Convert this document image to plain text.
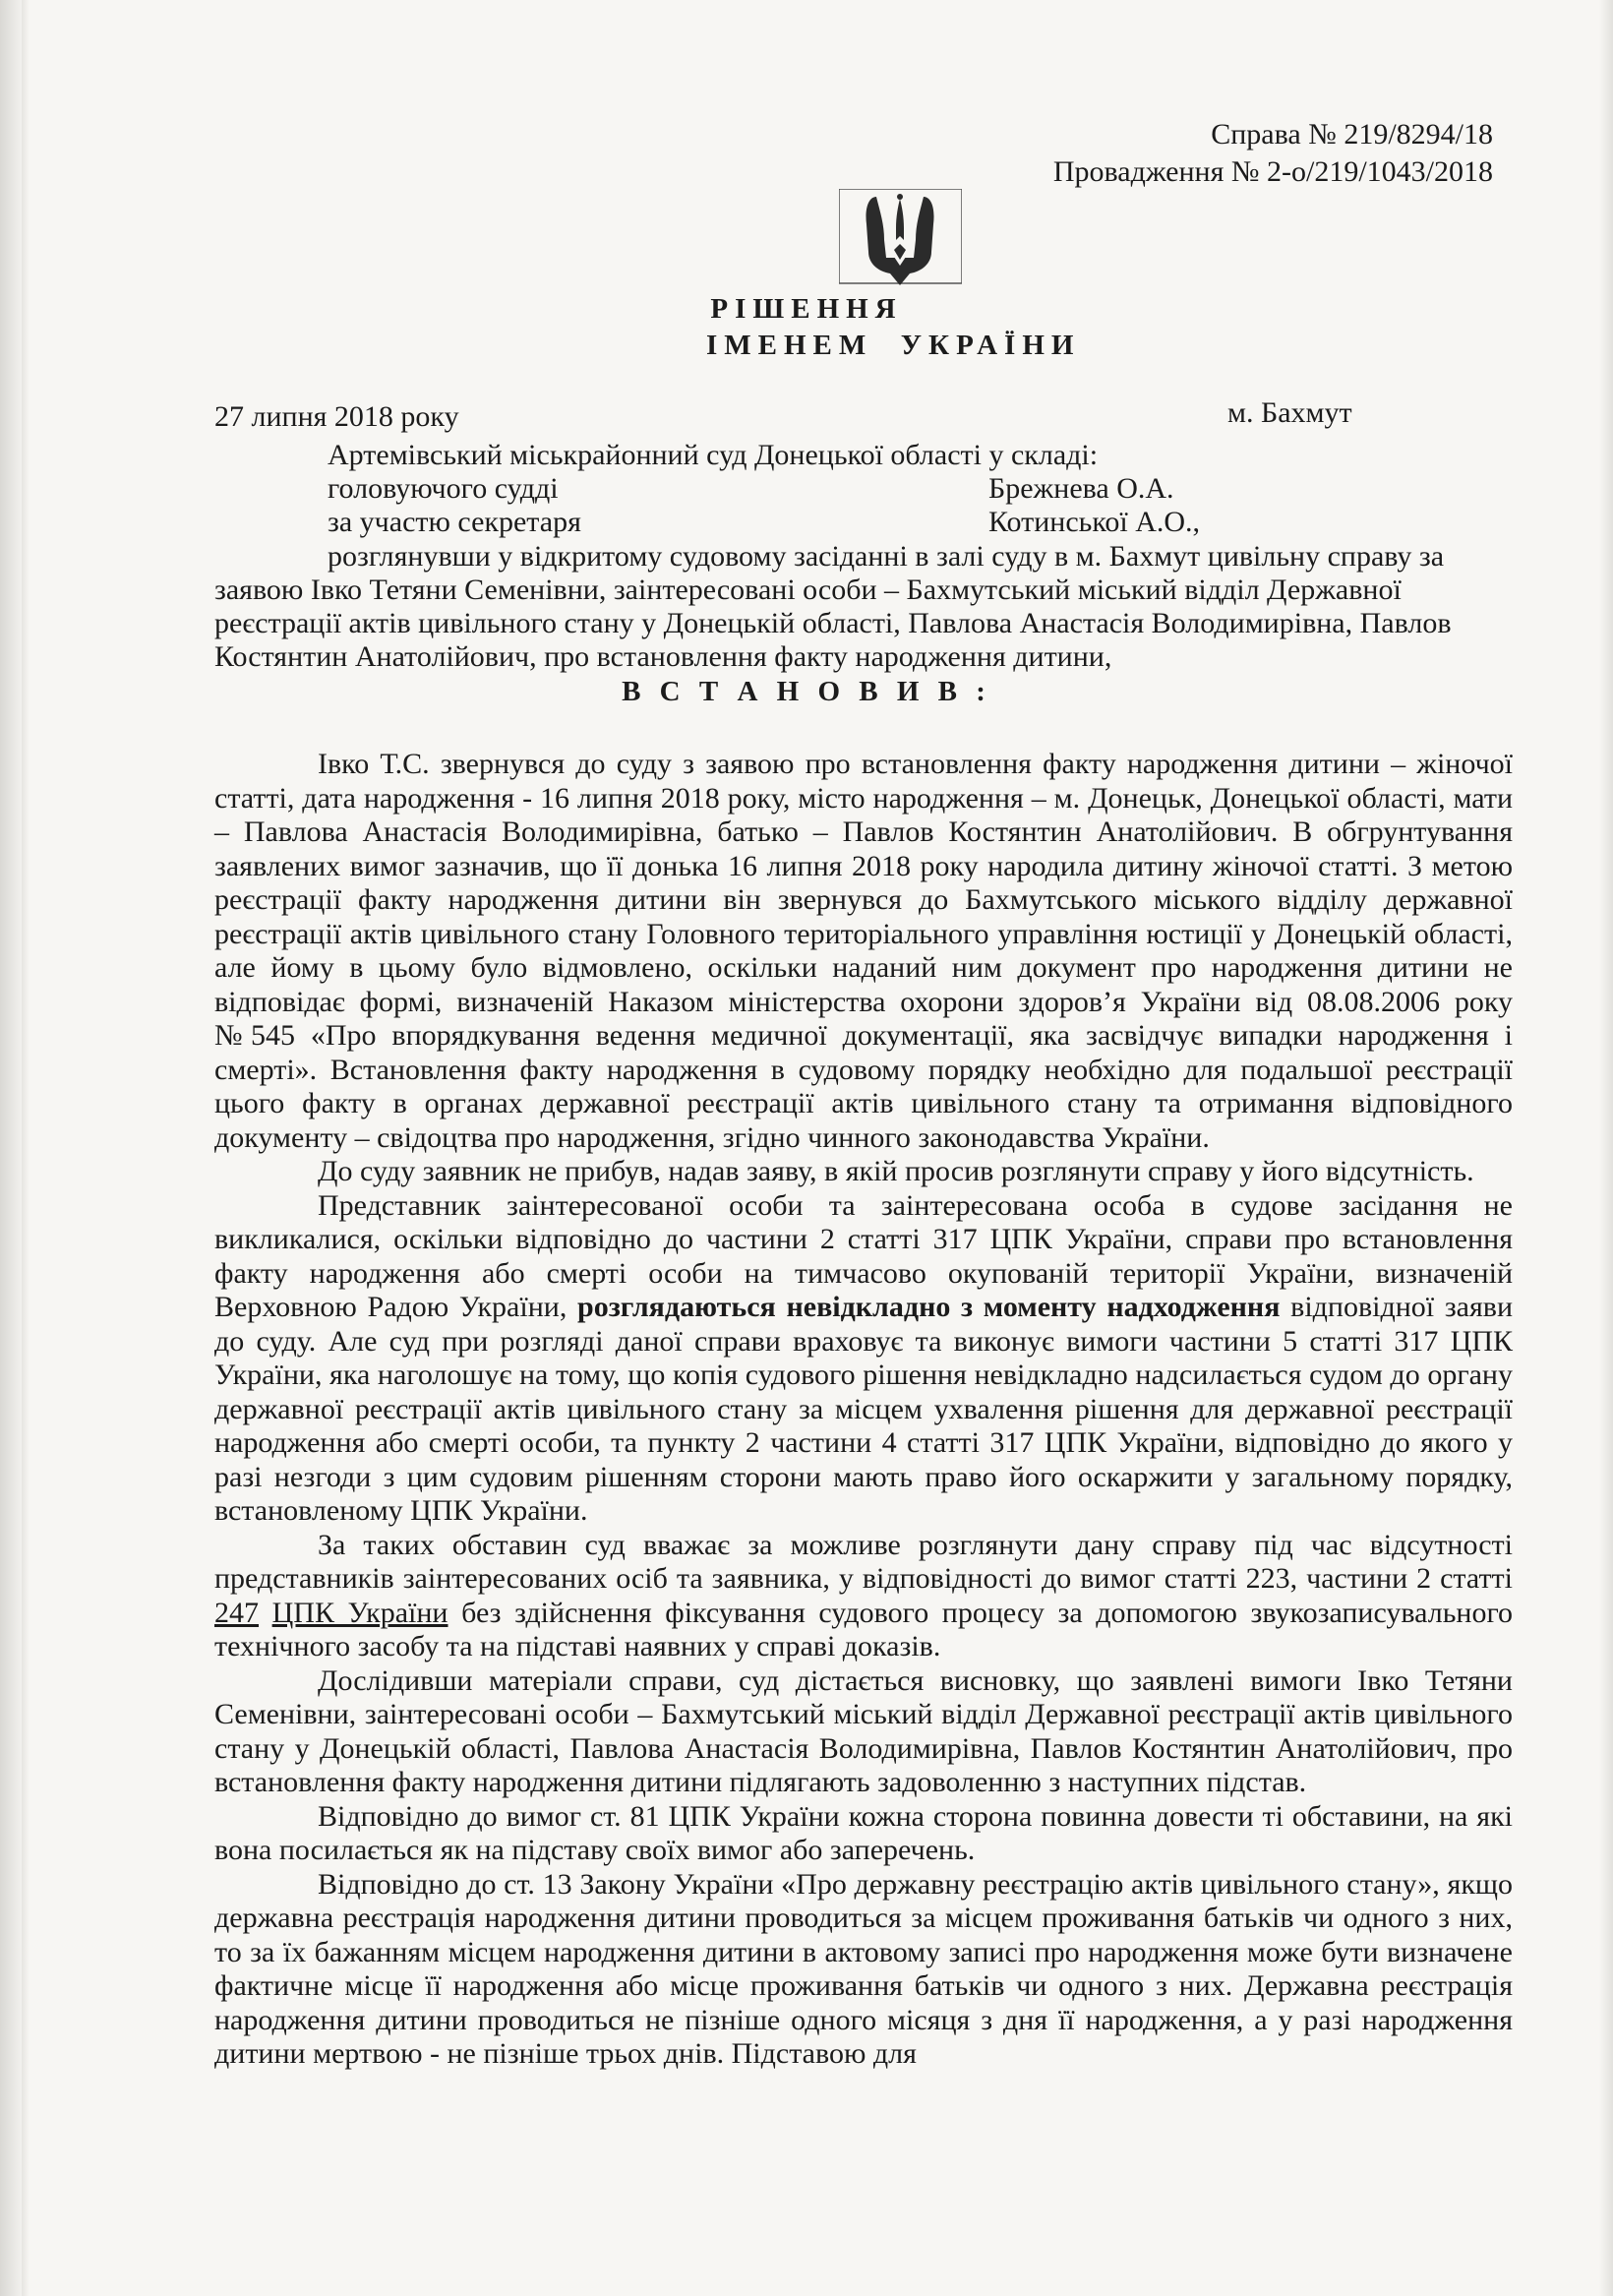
Справа № 219/8294/18
Провадження № 2-о/219/1043/2018
РІШЕННЯ
ІМЕНЕМ  УКРАЇНИ
27 липня 2018 року	м. Бахмут
Артемівський міськрайонний суд Донецької області у складі:
головуючого судді	Брежнева О.А.
за участю секретаря	Котинської А.О.,
розглянувши у відкритому судовому засіданні в залі суду в м. Бахмут цивільну справу за
заявою Івко Тетяни Семенівни, заінтересовані особи – Бахмутський міський відділ Державної
реєстрації актів цивільного стану у Донецькій області, Павлова Анастасія Володимирівна, Павлов
Костянтин Анатолійович, про встановлення факту народження дитини,
В С Т А Н О В И В :

Івко Т.С. звернувся до суду з заявою про встановлення факту народження дитини – жіночої статті, дата народження - 16 липня 2018 року, місто народження – м. Донецьк, Донецької області, мати – Павлова Анастасія Володимирівна, батько – Павлов Костянтин Анатолійович. В обгрунтування заявлених вимог зазначив, що її донька 16 липня 2018 року народила дитину жіночої статті. З метою реєстрації факту народження дитини він звернувся до Бахмутського міського відділу державної реєстрації актів цивільного стану Головного територіального управління юстиції у Донецькій області, але йому в цьому було відмовлено, оскільки наданий ним документ про народження дитини не відповідає формі, визначеній Наказом міністерства охорони здоров’я України від 08.08.2006 року №545 «Про впорядкування ведення медичної документації, яка засвідчує випадки народження і смерті». Встановлення факту народження в судовому порядку необхідно для подальшої реєстрації цього факту в органах державної реєстрації актів цивільного стану та отримання відповідного документу – свідоцтва про народження, згідно чинного законодавства України.

До суду заявник не прибув, надав заяву, в якій просив розглянути справу у його відсутність.

Представник заінтересованої особи та заінтересована особа в судове засідання не викликалися, оскільки відповідно до частини 2 статті 317 ЦПК України, справи про встановлення факту народження або смерті особи на тимчасово окупованій території України, визначеній Верховною Радою України, розглядаються невідкладно з моменту надходження відповідної заяви до суду. Але суд при розгляді даної справи враховує та виконує вимоги частини 5 статті 317 ЦПК України, яка наголошує на тому, що копія судового рішення невідкладно надсилається судом до органу державної реєстрації актів цивільного стану за місцем ухвалення рішення для державної реєстрації народження або смерті особи, та пункту 2 частини 4 статті 317 ЦПК України, відповідно до якого у разі незгоди з цим судовим рішенням сторони мають право його оскаржити у загальному порядку, встановленому ЦПК України.

За таких обставин суд вважає за можливе розглянути дану справу під час відсутності представників заінтересованих осіб та заявника, у відповідності до вимог статті 223, частини 2 статті 247 ЦПК України без здійснення фіксування судового процесу за допомогою звукозаписувального технічного засобу та на підставі наявних у справі доказів.

Дослідивши матеріали справи, суд дістається висновку, що заявлені вимоги Івко Тетяни Семенівни, заінтересовані особи – Бахмутський міський відділ Державної реєстрації актів цивільного стану у Донецькій області, Павлова Анастасія Володимирівна, Павлов Костянтин Анатолійович, про встановлення факту народження дитини підлягають задоволенню з наступних підстав.

Відповідно до вимог ст. 81 ЦПК України кожна сторона повинна довести ті обставини, на які вона посилається як на підставу своїх вимог або заперечень.

Відповідно до ст. 13 Закону України «Про державну реєстрацію актів цивільного стану», якщо державна реєстрація народження дитини проводиться за місцем проживання батьків чи одного з них, то за їх бажанням місцем народження дитини в актовому записі про народження може бути визначене фактичне місце її народження або місце проживання батьків чи одного з них. Державна реєстрація народження дитини проводиться не пізніше одного місяця з дня її народження, а у разі народження дитини мертвою - не пізніше трьох днів. Підставою для
